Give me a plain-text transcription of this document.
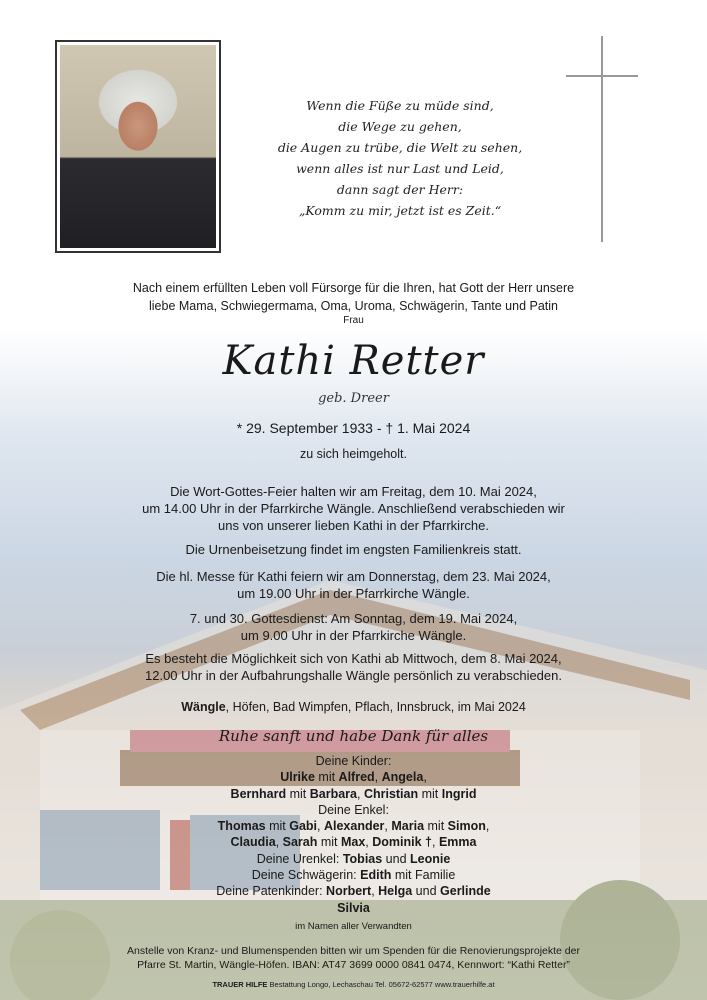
Wenn die Füße zu müde sind,
die Wege zu gehen,
die Augen zu trübe, die Welt zu sehen,
wenn alles ist nur Last und Leid,
dann sagt der Herr:
„Komm zu mir, jetzt ist es Zeit.“
Nach einem erfüllten Leben voll Fürsorge für die Ihren, hat Gott der Herr unsere
liebe Mama, Schwiegermama, Oma, Uroma, Schwägerin, Tante und Patin
Frau
Kathi Retter
geb. Dreer
* 29. September 1933 - † 1. Mai 2024
zu sich heimgeholt.
Die Wort-Gottes-Feier halten wir am Freitag, dem 10. Mai 2024,
um 14.00 Uhr in der Pfarrkirche Wängle. Anschließend verabschieden wir
uns von unserer lieben Kathi in der Pfarrkirche.
Die Urnenbeisetzung findet im engsten Familienkreis statt.
Die hl. Messe für Kathi feiern wir am Donnerstag, dem 23. Mai 2024,
um 19.00 Uhr in der Pfarrkirche Wängle.
7. und 30. Gottesdienst: Am Sonntag, dem 19. Mai 2024,
um 9.00 Uhr in der Pfarrkirche Wängle.
Es besteht die Möglichkeit sich von Kathi ab Mittwoch, dem 8. Mai 2024,
12.00 Uhr in der Aufbahrungshalle Wängle persönlich zu verabschieden.
Wängle, Höfen, Bad Wimpfen, Pflach, Innsbruck, im Mai 2024
Ruhe sanft und habe Dank für alles
Deine Kinder:
Ulrike mit Alfred, Angela,
Bernhard mit Barbara, Christian mit Ingrid
Deine Enkel:
Thomas mit Gabi, Alexander, Maria mit Simon,
Claudia, Sarah mit Max, Dominik †, Emma
Deine Urenkel: Tobias und Leonie
Deine Schwägerin: Edith mit Familie
Deine Patenkinder: Norbert, Helga und Gerlinde
Silvia
im Namen aller Verwandten
Anstelle von Kranz- und Blumenspenden bitten wir um Spenden für die Renovierungsprojekte der
Pfarre St. Martin, Wängle-Höfen. IBAN: AT47 3699 0000 0841 0474, Kennwort: “Kathi Retter”
TRAUER HILFE Bestattung Longo, Lechaschau Tel. 05672-62577 www.trauerhilfe.at
